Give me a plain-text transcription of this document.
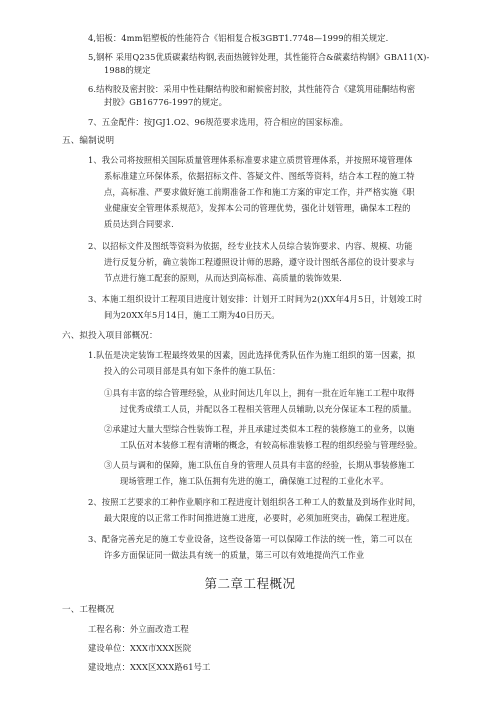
4,铝板：4mm铝塑板的性能符合《铝相复合板3GBT1.7748—1999的相关规定.
5,钢杯 采用Q235优质碳素结构钢,表面热镀锌处理，其性能符合&碳素结构钢》GBΛ11(X)-
1988的规定
6.结构胶及密封胶：采用中性硅酮结构胶和耐候密封胶，其性能符合《建筑用硅酮结构密
封胶》GB16776-1997的规定。
7、五金配件：按JGJ1.O2、96规范要求选用，符合相应的国家标准。
五、编制说明
1、我公司将按照相关国际质量管理体系标准要求建立质贯管理体系，并按照环境管理体
系标准建立环保体系，依据招标文件、答疑文件、图纸等资料，结合本工程的施工特
点，高标准、严要求做好施工前期准备工作和施工方案的审定工作，并严格实施《职
业健康安全管理体系规范》，发挥本公司的管理优势，强化计划管理，确保本工程的
质员达到合同要求.
2、以招标文件及图纸等资料为依据，经专业技术人员综合装饰要求、内容、规模、功能
进行反复分析，确立装饰工程遵照设计师的思路，遵守设计图纸各部位的设计要求与
节点进行施工配套的原则，从而达到高标准、高质量的装饰效果.
3、本施工组织设计工程项目进度计划安排：计划开工时间为2()XX年4月5日，计划竣工时
间为20XX年5月14日，施工工期为40日历天。
六、拟投入项目部概况：
1.队伍是决定装饰工程最终效果的因素，因此选择优秀队伍作为施工组织的第一因素，拟
投入的公司项目部是具有如下条件的施工队伍：
①具有丰富的综合管理经验，从业时间达几年以上，拥有一批在近年施工工程中取得
过优秀成绩工人员，并配以各工程相关管理人员辅助,以充分保证本工程的质量。
②承建过大量大型综合性装饰工程，并且承建过类似本工程的装修施工的业务，以施
工队伍对本装修工程有清晰的概念，有较高标准装修工程的组织经验与管理经验。
③人员与调和的保障，施工队伍自身的管理人员具有丰富的经验，长期从事装修施工
现场管理工作，施工队伍拥有先进的施工，确保施工过程的工业化水平。
2、按照工艺要求的工种作业顺序和工程进度计划组织各工种工人的数量及到场作业时间，
最大限度的以正常工作时间推进施工进度，必要时，必须加班突击，确保工程进度。
3、配备完善充足的施工专业设备，这些设备第一可以保障工作法的统一性，第二可以在
许多方面保证同一做法具有统一的质量，第三可以有效地提尚汽工作业
第二章工程概况
一、工程概况
工程名称：外立面改造工程
建设单位：XXX市XXX医院
建设地点：XXX区XXX路61号工
